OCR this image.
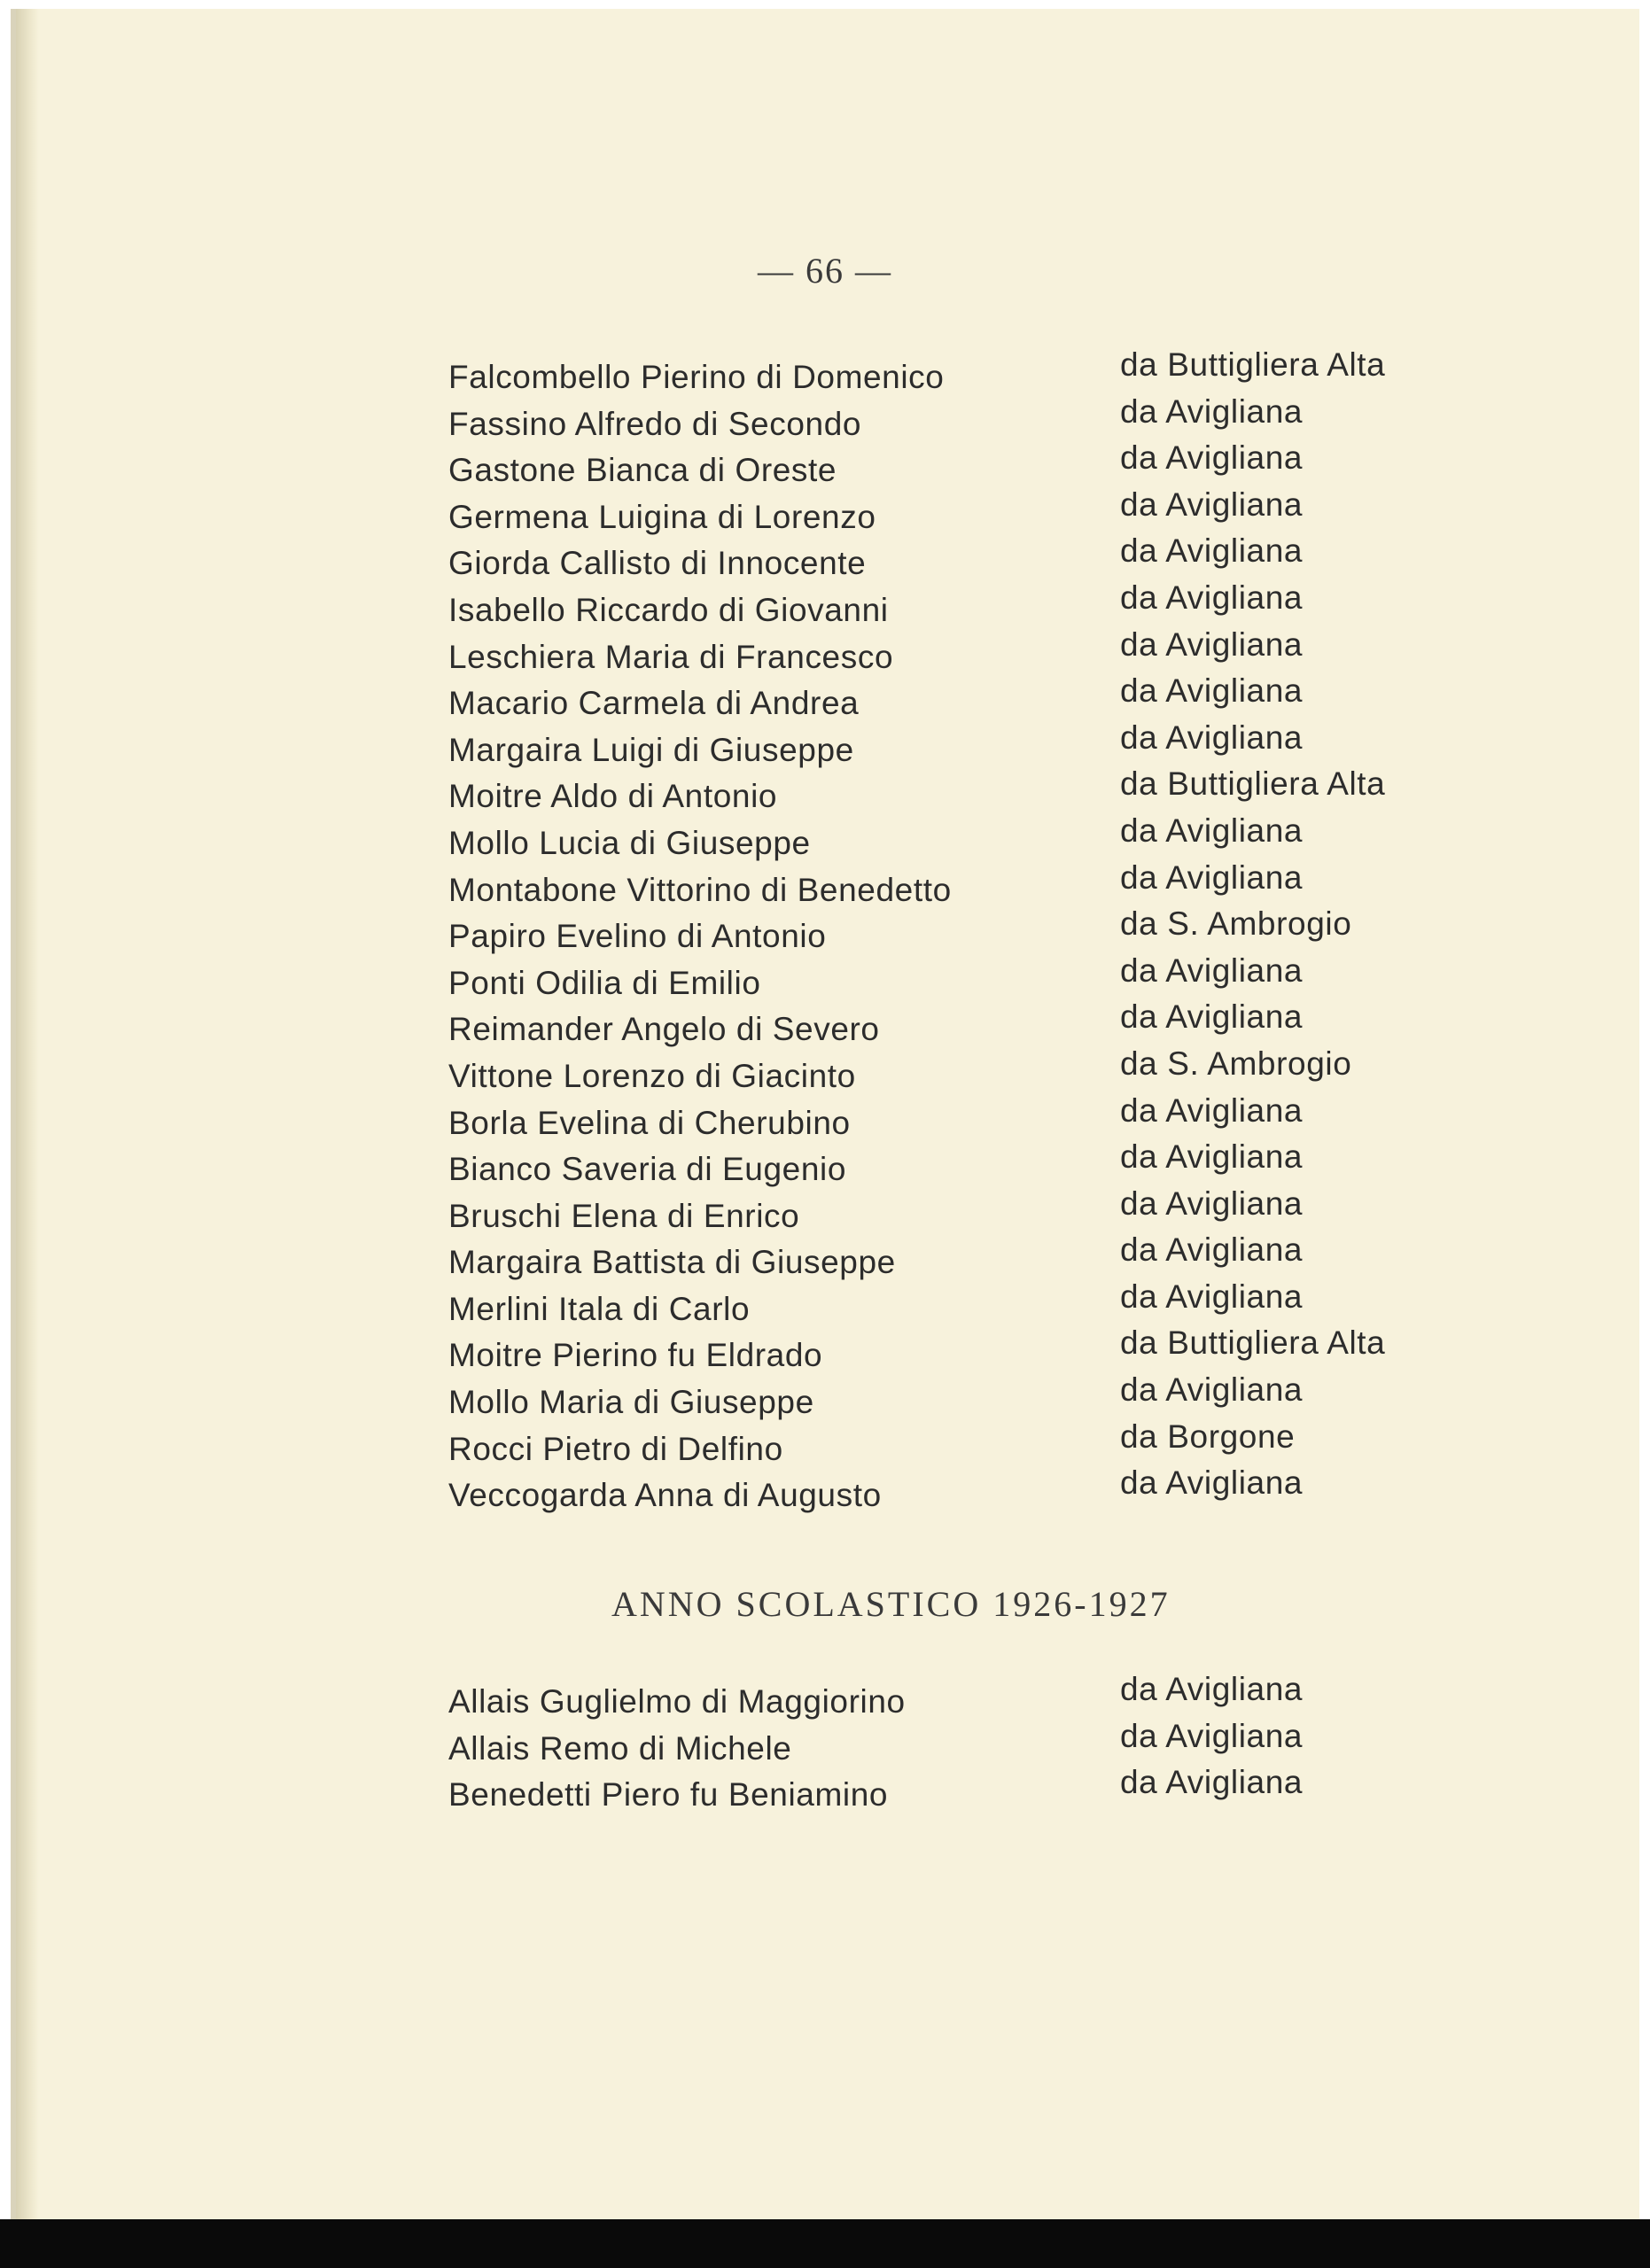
— 66 —
Falcombello Pierino di Domenico	da Buttigliera Alta
Fassino Alfredo di Secondo	da Avigliana
Gastone Bianca di Oreste	da Avigliana
Germena Luigina di Lorenzo	da Avigliana
Giorda Callisto di Innocente	da Avigliana
Isabello Riccardo di Giovanni	da Avigliana
Leschiera Maria di Francesco	da Avigliana
Macario Carmela di Andrea	da Avigliana
Margaira Luigi di Giuseppe	da Avigliana
Moitre Aldo di Antonio	da Buttigliera Alta
Mollo Lucia di Giuseppe	da Avigliana
Montabone Vittorino di Benedetto	da Avigliana
Papiro Evelino di Antonio	da S. Ambrogio
Ponti Odilia di Emilio	da Avigliana
Reimander Angelo di Severo	da Avigliana
Vittone Lorenzo di Giacinto	da S. Ambrogio
Borla Evelina di Cherubino	da Avigliana
Bianco Saveria di Eugenio	da Avigliana
Bruschi Elena di Enrico	da Avigliana
Margaira Battista di Giuseppe	da Avigliana
Merlini Itala di Carlo	da Avigliana
Moitre Pierino fu Eldrado	da Buttigliera Alta
Mollo Maria di Giuseppe	da Avigliana
Rocci Pietro di Delfino	da Borgone
Veccogarda Anna di Augusto	da Avigliana
ANNO SCOLASTICO 1926-1927
Allais Guglielmo di Maggiorino	da Avigliana
Allais Remo di Michele	da Avigliana
Benedetti Piero fu Beniamino	da Avigliana
